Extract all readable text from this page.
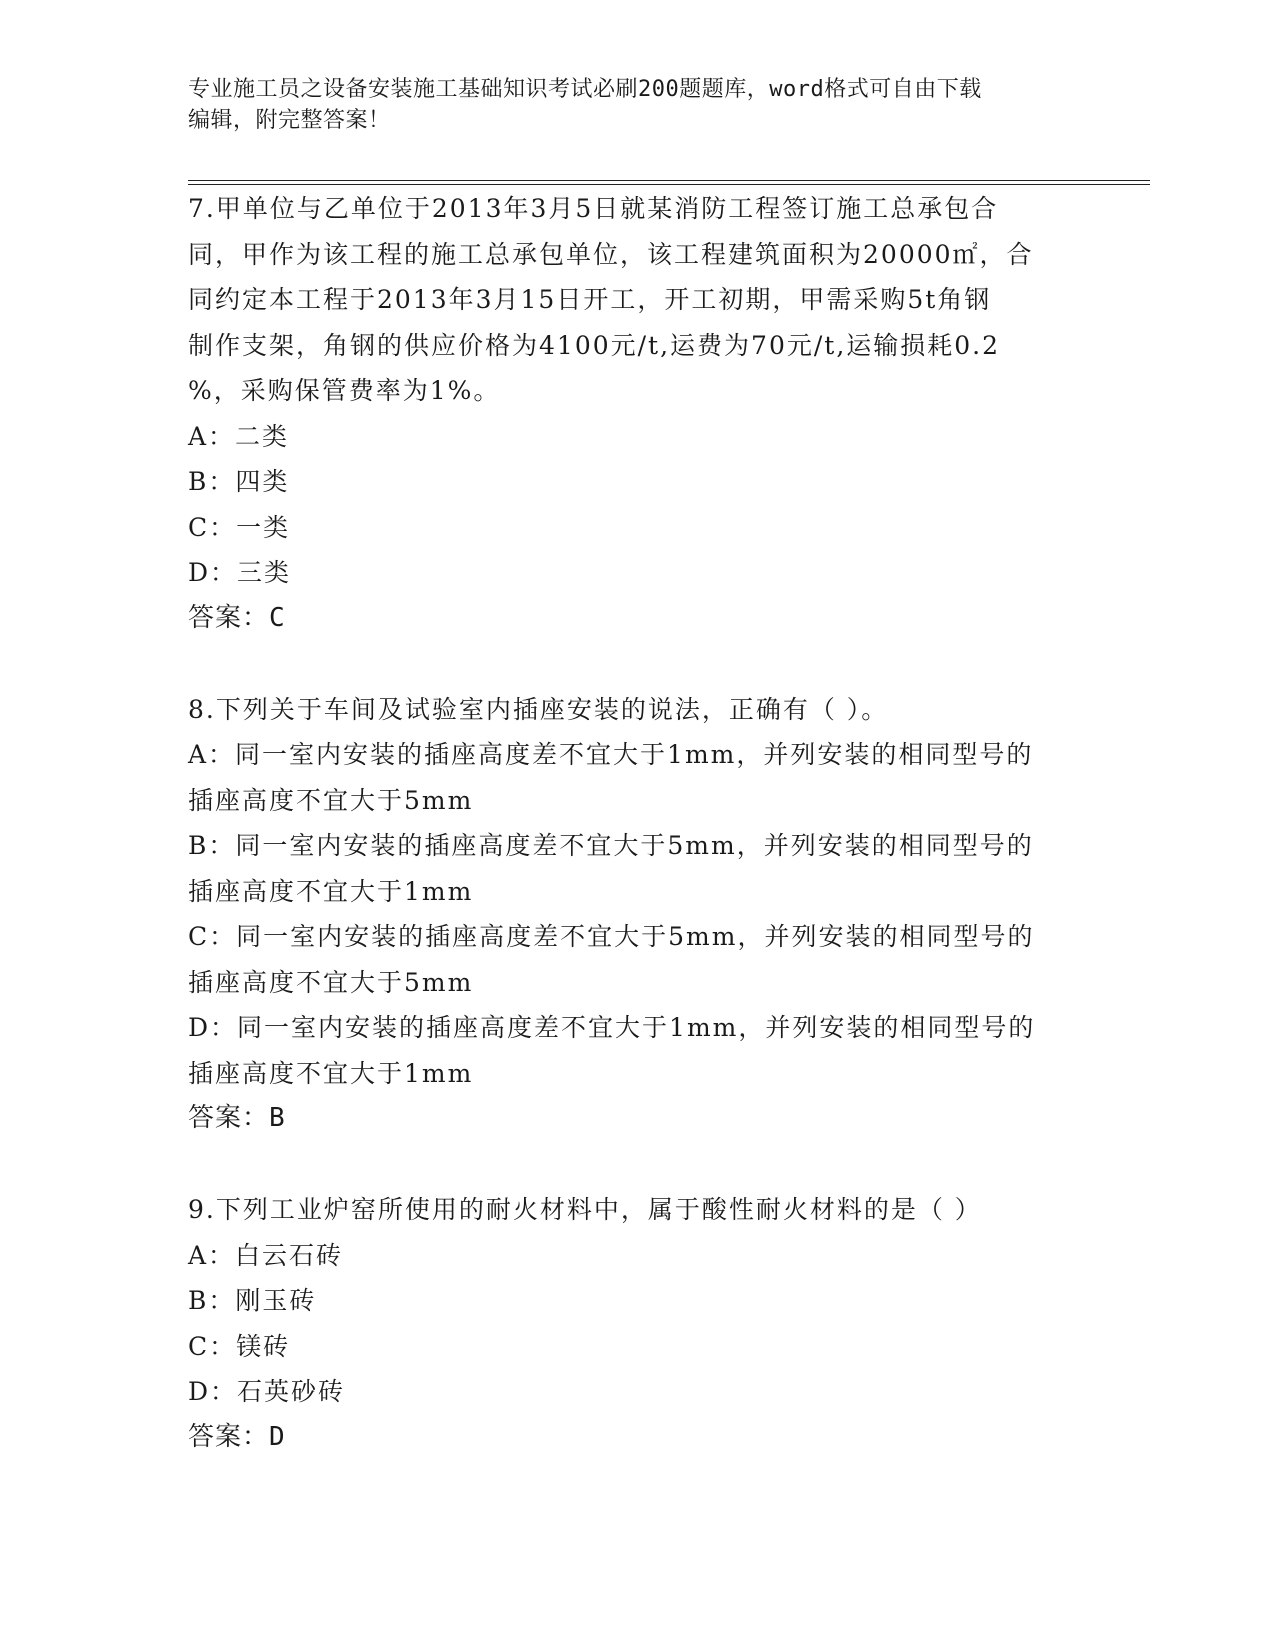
专业施工员之设备安装施工基础知识考试必刷200题题库，word格式可自由下载
编辑，附完整答案！
7.甲单位与乙单位于2013年3月5日就某消防工程签订施工总承包合
同，甲作为该工程的施工总承包单位，该工程建筑面积为20000㎡，合
同约定本工程于2013年3月15日开工，开工初期，甲需采购5t角钢
制作支架，角钢的供应价格为4100元/t,运费为70元/t,运输损耗0.2
%，采购保管费率为1%。
A：二类
B：四类
C：一类
D：三类
答案：C
8.下列关于车间及试验室内插座安装的说法，正确有（ ）。
A：同一室内安装的插座高度差不宜大于1mm，并列安装的相同型号的
插座高度不宜大于5mm
B：同一室内安装的插座高度差不宜大于5mm，并列安装的相同型号的
插座高度不宜大于1mm
C：同一室内安装的插座高度差不宜大于5mm，并列安装的相同型号的
插座高度不宜大于5mm
D：同一室内安装的插座高度差不宜大于1mm，并列安装的相同型号的
插座高度不宜大于1mm
答案：B
9.下列工业炉窑所使用的耐火材料中，属于酸性耐火材料的是（ ）
A：白云石砖
B：刚玉砖
C：镁砖
D：石英砂砖
答案：D
